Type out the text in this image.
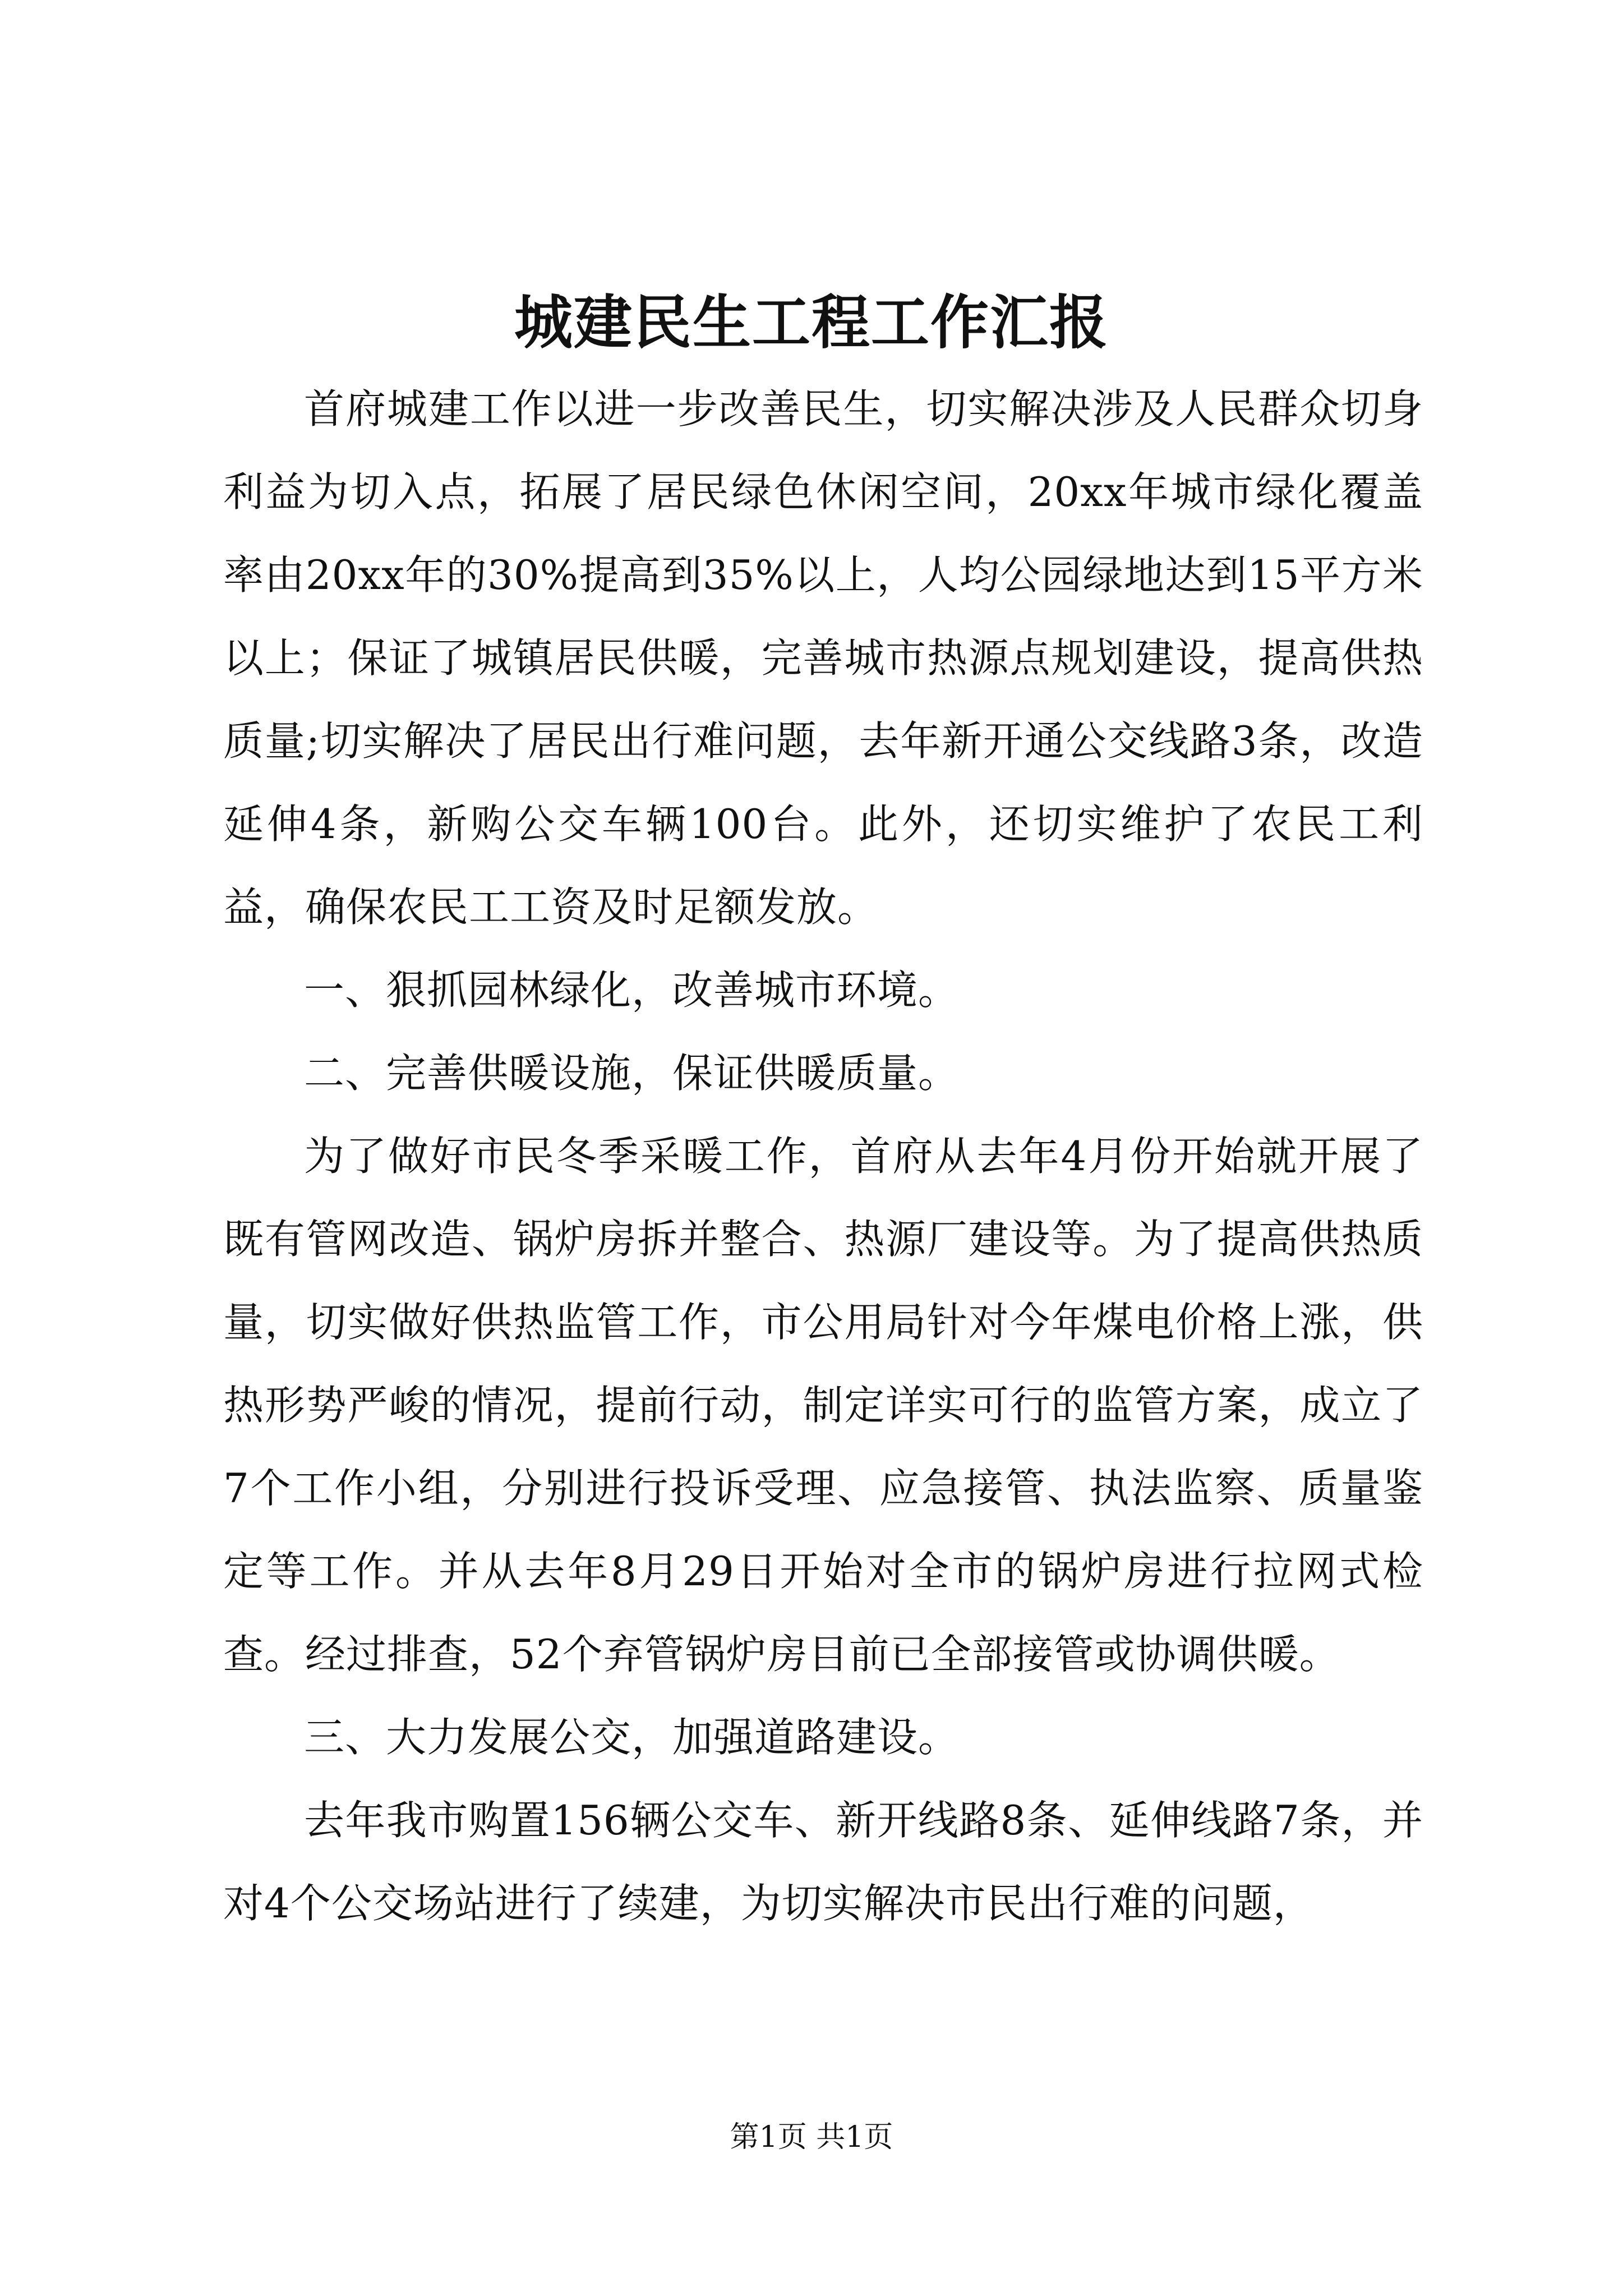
城建民生工程工作汇报

首府城建工作以进一步改善民生，切实解决涉及人民群众切身利益为切入点，拓展了居民绿色休闲空间，20xx年城市绿化覆盖率由20xx年的30%提高到35%以上，人均公园绿地达到15平方米以上；保证了城镇居民供暖，完善城市热源点规划建设，提高供热质量;切实解决了居民出行难问题，去年新开通公交线路3条，改造延伸4条，新购公交车辆100台。此外，还切实维护了农民工利益，确保农民工工资及时足额发放。

一、狠抓园林绿化，改善城市环境。

二、完善供暖设施，保证供暖质量。

为了做好市民冬季采暖工作，首府从去年4月份开始就开展了既有管网改造、锅炉房拆并整合、热源厂建设等。为了提高供热质量，切实做好供热监管工作，市公用局针对今年煤电价格上涨，供热形势严峻的情况，提前行动，制定详实可行的监管方案，成立了7个工作小组，分别进行投诉受理、应急接管、执法监察、质量鉴定等工作。并从去年8月29日开始对全市的锅炉房进行拉网式检查。经过排查，52个弃管锅炉房目前已全部接管或协调供暖。

三、大力发展公交，加强道路建设。

去年我市购置156辆公交车、新开线路8条、延伸线路7条，并对4个公交场站进行了续建，为切实解决市民出行难的问题，

第1页 共1页
